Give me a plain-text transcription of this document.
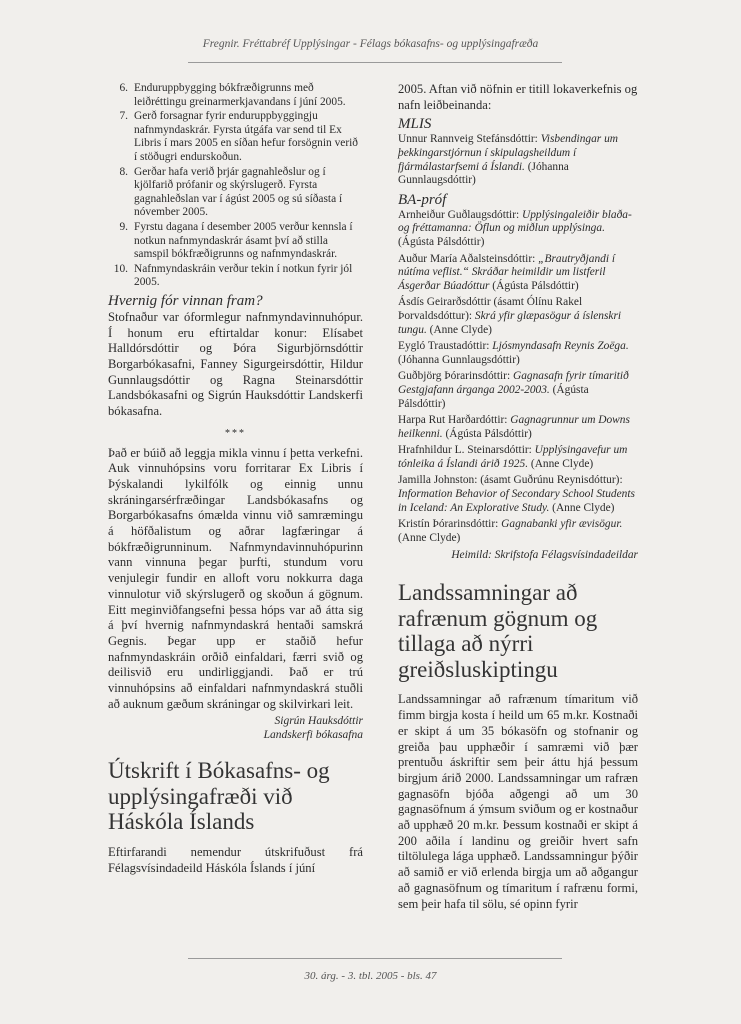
Fregnir. Fréttabréf Upplýsingar - Félags bókasafns- og upplýsingafræða
6. Enduruppbygging bókfræðigrunns með leiðréttingu greinarmerkjavandans í júní 2005.
7. Gerð forsagnar fyrir enduruppbyggingju nafnmyndaskrár. Fyrsta útgáfa var send til Ex Libris í mars 2005 en síðan hefur forsögnin verið í stöðugri endurskoðun.
8. Gerðar hafa verið þrjár gagnahleðslur og í kjölfarið prófanir og skýrslugerð. Fyrsta gagnahleðslan var í ágúst 2005 og sú síðasta í nóvember 2005.
9. Fyrstu dagana í desember 2005 verður kennsla í notkun nafnmyndaskrár ásamt því að stilla samspil bókfræðigrunns og nafnmyndaskrár.
10. Nafnmyndaskráin verður tekin í notkun fyrir jól 2005.
Hvernig fór vinnan fram?

Stofnaður var óformlegur nafnmyndavinnuhópur. Í honum eru eftirtaldar konur: Elísabet Halldórsdóttir og Þóra Sigurbjörnsdóttir Borgarbókasafni, Fanney Sigurgeirsdóttir, Hildur Gunnlaugsdóttir og Ragna Steinarsdóttir Landsbókasafni og Sigrún Hauksdóttir Landskerfi bókasafna.

***

Það er búið að leggja mikla vinnu í þetta verkefni. Auk vinnuhópsins voru forritarar Ex Libris í Þýskalandi lykilfólk og einnig unnu skráningarsérfræðingar Landsbókasafns og Borgarbókasafns ómælda vinnu við samræmingu á höfðalistum og aðrar lagfæringar á bókfræðigrunninum. Nafnmyndavinnuhópurinn vann vinnuna þegar þurfti, stundum voru venjulegir fundir en alloft voru nokkurra daga vinnulotur við skýrslugerð og skoðun á gögnum. Eitt meginviðfangsefni þessa hóps var að átta sig á því hvernig nafnmyndaskrá hentaði samskrá Gegnis. Þegar upp er staðið hefur nafnmyndaskráin orðið einfaldari, færri svið og deilisvið eru undirliggjandi. Það er trú vinnuhópsins að einfaldari nafnmyndaskrá stuðli að auknum gæðum skráningar og skilvirkari leit.

Sigrún Hauksdóttir
Landskerfi bókasafna
Útskrift í Bókasafns- og upplýsingafræði við Háskóla Íslands

Eftirfarandi nemendur útskrifuðust frá Félagsvísindadeild Háskóla Íslands í júní

2005. Aftan við nöfnin er titill lokaverkefnis og nafn leiðbeinanda:

MLIS
Unnur Rannveig Stefánsdóttir: Visbendingar um þekkingarstjórnun í skipulagsheildum í fjármálastarfsemi á Íslandi. (Jóhanna Gunnlaugsdóttir)
BA-próf
Arnheiður Guðlaugsdóttir: Upplýsingaleiðir blaða- og fréttamanna: Öflun og miðlun upplýsinga. (Ágústa Pálsdóttir)
Auður María Aðalsteinsdóttir: „Brautryðjandi í nútíma veflist.“ Skráðar heimildir um listferil Ásgerðar Búadóttur (Ágústa Pálsdóttir)
Ásdís Geirarðsdóttir (ásamt Ólínu Rakel Þorvaldsdóttur): Skrá yfir glæpasögur á íslenskri tungu. (Anne Clyde)
Eygló Traustadóttir: Ljósmyndasafn Reynis Zoëga. (Jóhanna Gunnlaugsdóttir)
Guðbjörg Þórarinsdóttir: Gagnasafn fyrir tímaritið Gestgjafann árganga 2002-2003. (Ágústa Pálsdóttir)
Harpa Rut Harðardóttir: Gagnagrunnur um Downs heilkenni. (Ágústa Pálsdóttir)
Hrafnhildur L. Steinarsdóttir: Upplýsingavefur um tónleika á Íslandi árið 1925. (Anne Clyde)
Jamilla Johnston: (ásamt Guðrúnu Reynisdóttur): Information Behavior of Secondary School Students in Iceland: An Explorative Study. (Anne Clyde)
Kristín Þórarinsdóttir: Gagnabanki yfir ævisögur. (Anne Clyde)
Heimild: Skrifstofa Félagsvísindadeildar
Landssamningar að rafrænum gögnum og tillaga að nýrri greiðsluskiptingu

Landssamningar að rafrænum tímaritum við fimm birgja kosta í heild um 65 m.kr. Kostnaði er skipt á um 35 bókasöfn og stofnanir og greiða þau upphæðir í samræmi við þær prentuðu áskriftir sem þeir áttu hjá þessum birgjum árið 2000. Landssamningar um rafræn gagnasöfn bjóða aðgengi að um 30 gagnasöfnum á ýmsum sviðum og er kostnaður að upphæð 20 m.kr. Þessum kostnaði er skipt á 200 aðila í landinu og greiðir hvert safn tiltölulega lága upphæð. Landssamningur þýðir að samið er við erlenda birgja um að aðgangur að gagnasöfnum og tímaritum í rafrænu formi, sem þeir hafa til sölu, sé opinn fyrir

30. árg. - 3. tbl. 2005 - bls. 47
